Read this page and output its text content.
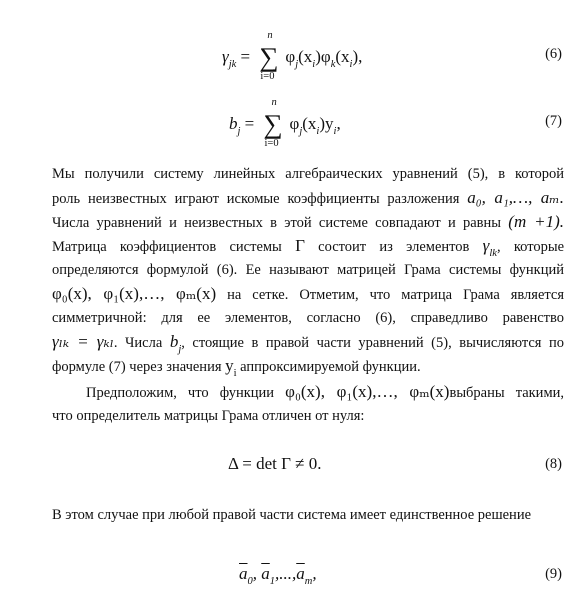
$\gamma_{jk}$ =
n
∑
i=0
$\varphi_j(x_i)\varphi_k(x_i)$,	(6)
$b_j$ =
n
∑
i=0
$\varphi_j(x_i)y_i$,	(7)
Мы получили систему линейных алгебраических уравнений (5), в которой
роль неизвестных играют искомые коэффициенты разложения a₀, a₁,…, aₘ.
Числа уравнений и неизвестных в этой системе совпадают и равны (m +1).
Матрица коэффициентов системы Γ состоит из элементов $\gamma_{lk}$, которые
определяются формулой (6). Ее называют матрицей Грама системы функций
φ₀(x), φ₁(x),…, φₘ(x) на сетке. Отметим, что матрица Грама является
симметричной: для ее элементов, согласно (6), справедливо равенство
γₗₖ = γₖₗ. Числа $b_j$, стоящие в правой части уравнений (5), вычисляются по
формуле (7) через значения $y_i$ аппроксимируемой функции.
Предположим, что функции φ₀(x), φ₁(x),…, φₘ(x)выбраны такими,
что определитель матрицы Грама отличен от нуля:
Δ = det Γ ≠ 0.	(8)
В этом случае при любой правой части система имеет единственное решение
$\overline{a}_0$, $\overline{a}_1,...,\overline{a}_m$,	(9)
